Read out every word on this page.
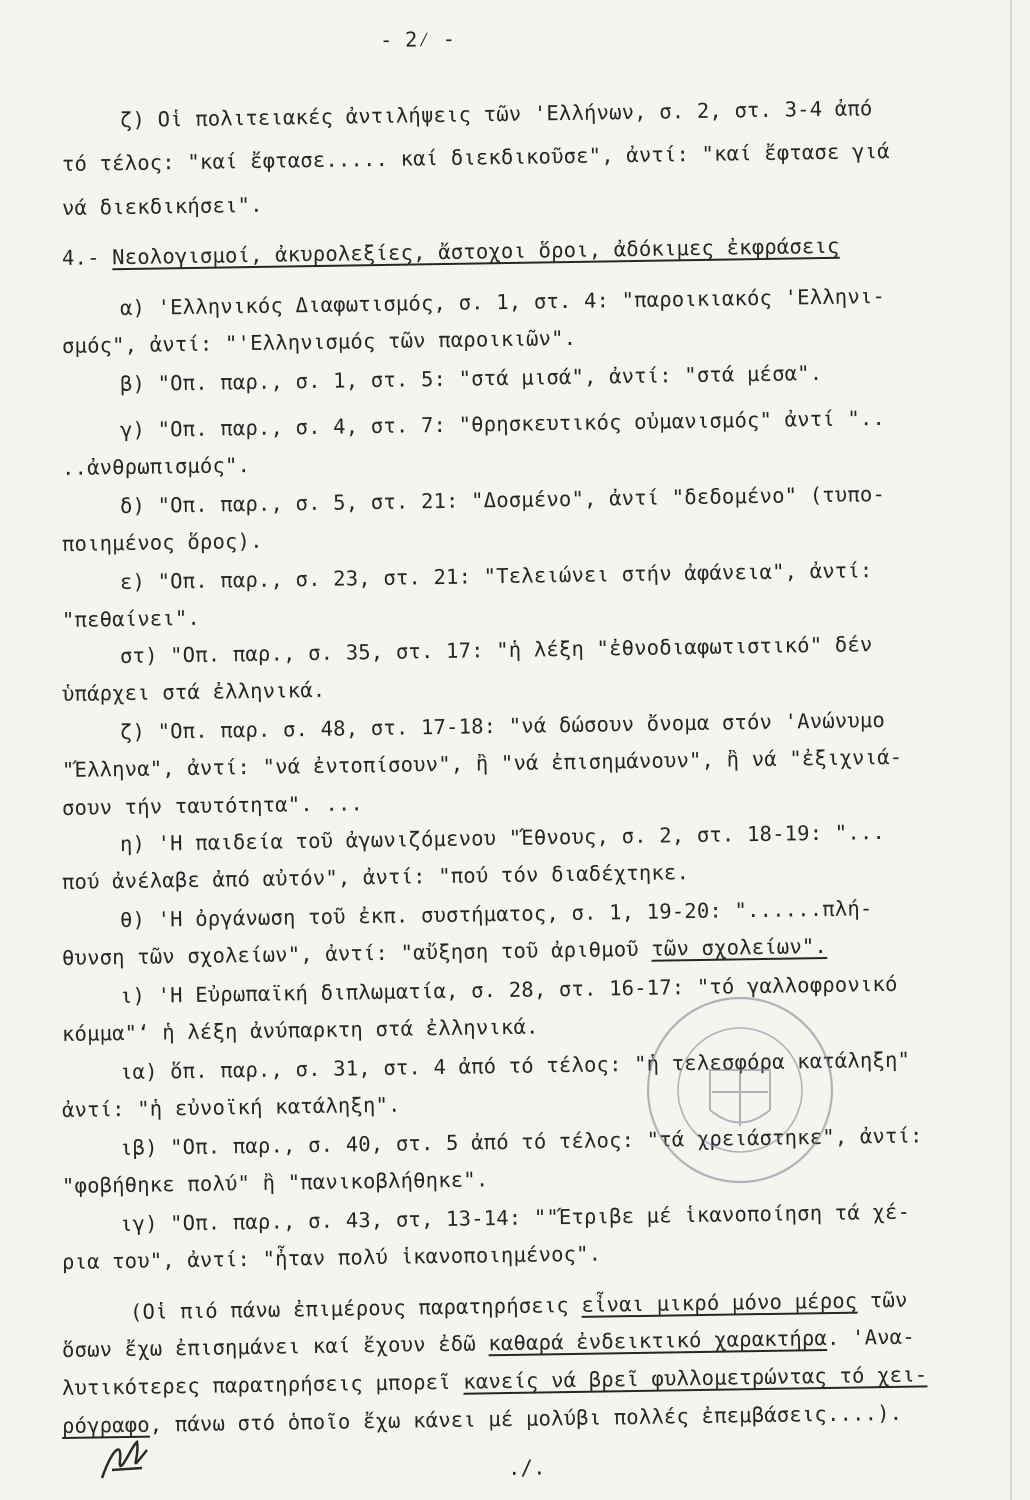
- 2⁄ -
ζ) Οἱ πολιτειακές ἀντιλήψεις τῶν 'Ελλήνων, σ. 2, στ. 3-4 ἀπό
τό τέλος: "καί ἔφτασε..... καί διεκδικοῦσε", ἀντί: "καί ἔφτασε γιά
νά διεκδικήσει".
4.- Νεολογισμοί, ἀκυρολεξίες, ἄστοχοι ὅροι, ἀδόκιμες ἐκφράσεις
α) 'Ελληνικός Διαφωτισμός, σ. 1, στ. 4: "παροικιακός 'Ελληνι-
σμός", ἀντί: "'Ελληνισμός τῶν παροικιῶν".
β) "Οπ. παρ., σ. 1, στ. 5: "στά μισά", ἀντί: "στά μέσα".
γ) "Οπ. παρ., σ. 4, στ. 7: "θρησκευτικός οὐμανισμός" ἀντί "..
..ἀνθρωπισμός".
δ) "Οπ. παρ., σ. 5, στ. 21: "Δοσμένο", ἀντί "δεδομένο" (τυπο-
ποιημένος ὅρος).
ε) "Οπ. παρ., σ. 23, στ. 21: "Τελειώνει στήν ἀφάνεια", ἀντί:
"πεθαίνει".
στ) "Οπ. παρ., σ. 35, στ. 17: "ἡ λέξη "ἐθνοδιαφωτιστικό" δέν
ὑπάρχει στά ἐλληνικά.
ζ) "Οπ. παρ. σ. 48, στ. 17-18: "νά δώσουν ὄνομα στόν 'Ανώνυμο
"Έλληνα", ἀντί: "νά ἐντοπίσουν", ἢ "νά ἐπισημάνουν", ἢ νά "ἐξιχνιά-
σουν τήν ταυτότητα". ...
η) 'Η παιδεία τοῦ ἀγωνιζόμενου "Έθνους, σ. 2, στ. 18-19: "...
πού ἀνέλαβε ἀπό αὐτόν", ἀντί: "πού τόν διαδέχτηκε.
θ) 'Η ὀργάνωση τοῦ ἐκπ. συστήματος, σ. 1, 19-20: "......πλή-
θυνση τῶν σχολείων", ἀντί: "αὔξηση τοῦ ἀριθμοῦ τῶν σχολείων".
ι) 'Η Εὐρωπαϊκή διπλωματία, σ. 28, στ. 16-17: "τό γαλλοφρονικό
κόμμα"ʻ ἡ λέξη ἀνύπαρκτη στά ἐλληνικά.
ια) ὅπ. παρ., σ. 31, στ. 4 ἀπό τό τέλος: "ἡ τελεσφόρα κατάληξη"
ἀντί: "ἡ εὐνοϊκή κατάληξη".
ιβ) "Οπ. παρ., σ. 40, στ. 5 ἀπό τό τέλος: "τά χρειάστηκε", ἀντί:
"φοβήθηκε πολύ" ἢ "πανικοβλήθηκε".
ιγ) "Οπ. παρ., σ. 43, στ, 13-14: ""Έτριβε μέ ἱκανοποίηση τά χέ-
ρια του", ἀντί: "ἦταν πολύ ἱκανοποιημένος".
(Οἱ πιό πάνω ἐπιμέρους παρατηρήσεις εἶναι μικρό μόνο μέρος τῶν
ὅσων ἔχω ἐπισημάνει καί ἔχουν ἐδῶ καθαρά ἐνδεικτικό χαρακτήρα. 'Ανα-
λυτικότερες παρατηρήσεις μπορεῖ κανείς νά βρεῖ φυλλομετρώντας τό χει-
ρόγραφο, πάνω στό ὁποῖο ἔχω κάνει μέ μολύβι πολλές ἐπεμβάσεις....).
./.
